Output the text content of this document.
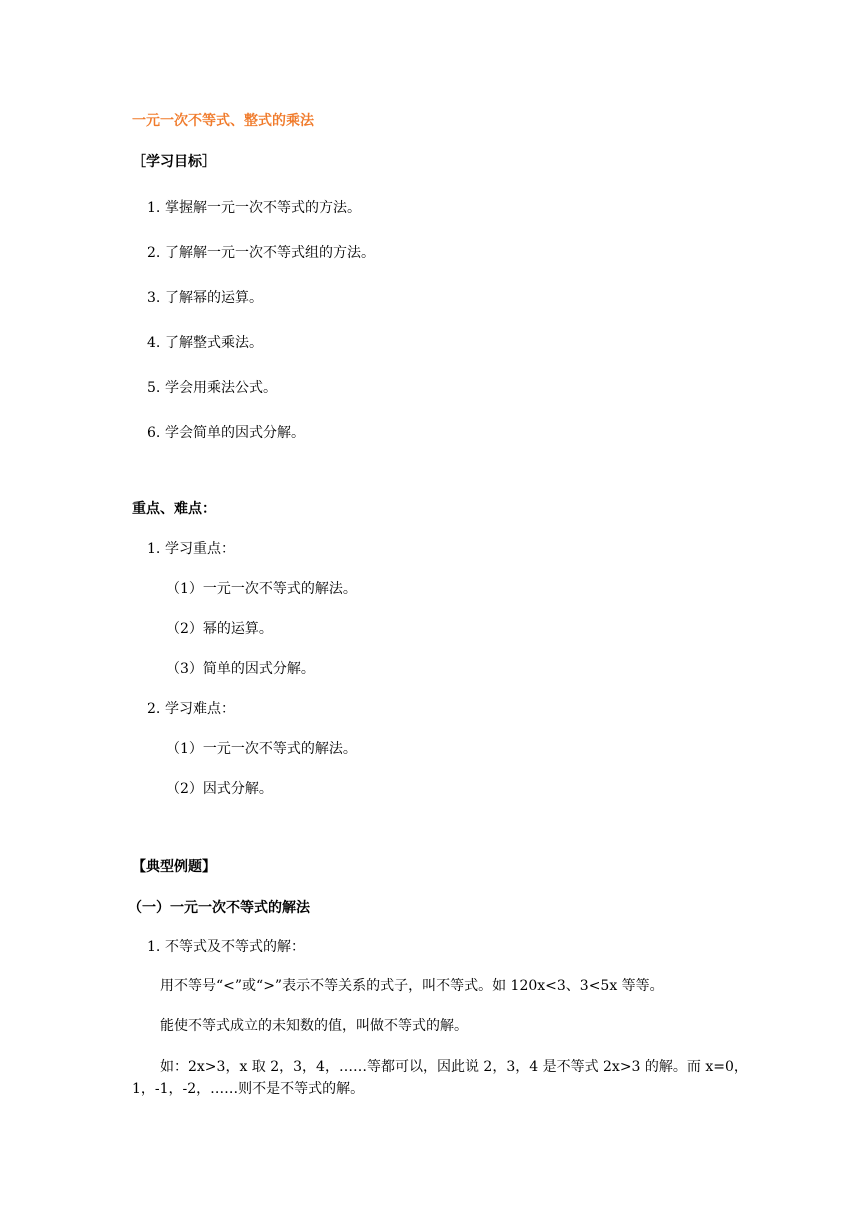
一元一次不等式、整式的乘法
［学习目标］
1. 掌握解一元一次不等式的方法。
2. 了解解一元一次不等式组的方法。
3. 了解幂的运算。
4. 了解整式乘法。
5. 学会用乘法公式。
6. 学会简单的因式分解。
重点、难点：
1. 学习重点：
（1）一元一次不等式的解法。
（2）幂的运算。
（3）简单的因式分解。
2. 学习难点：
（1）一元一次不等式的解法。
（2）因式分解。
【典型例题】
（一）一元一次不等式的解法
1. 不等式及不等式的解：
用不等号“<”或“>”表示不等关系的式子，叫不等式。如 120x<3、3<5x 等等。
能使不等式成立的未知数的值，叫做不等式的解。
如：2x>3，x 取 2，3，4，……等都可以，因此说 2，3，4 是不等式 2x>3 的解。而 x=0，
1，-1，-2，……则不是不等式的解。
